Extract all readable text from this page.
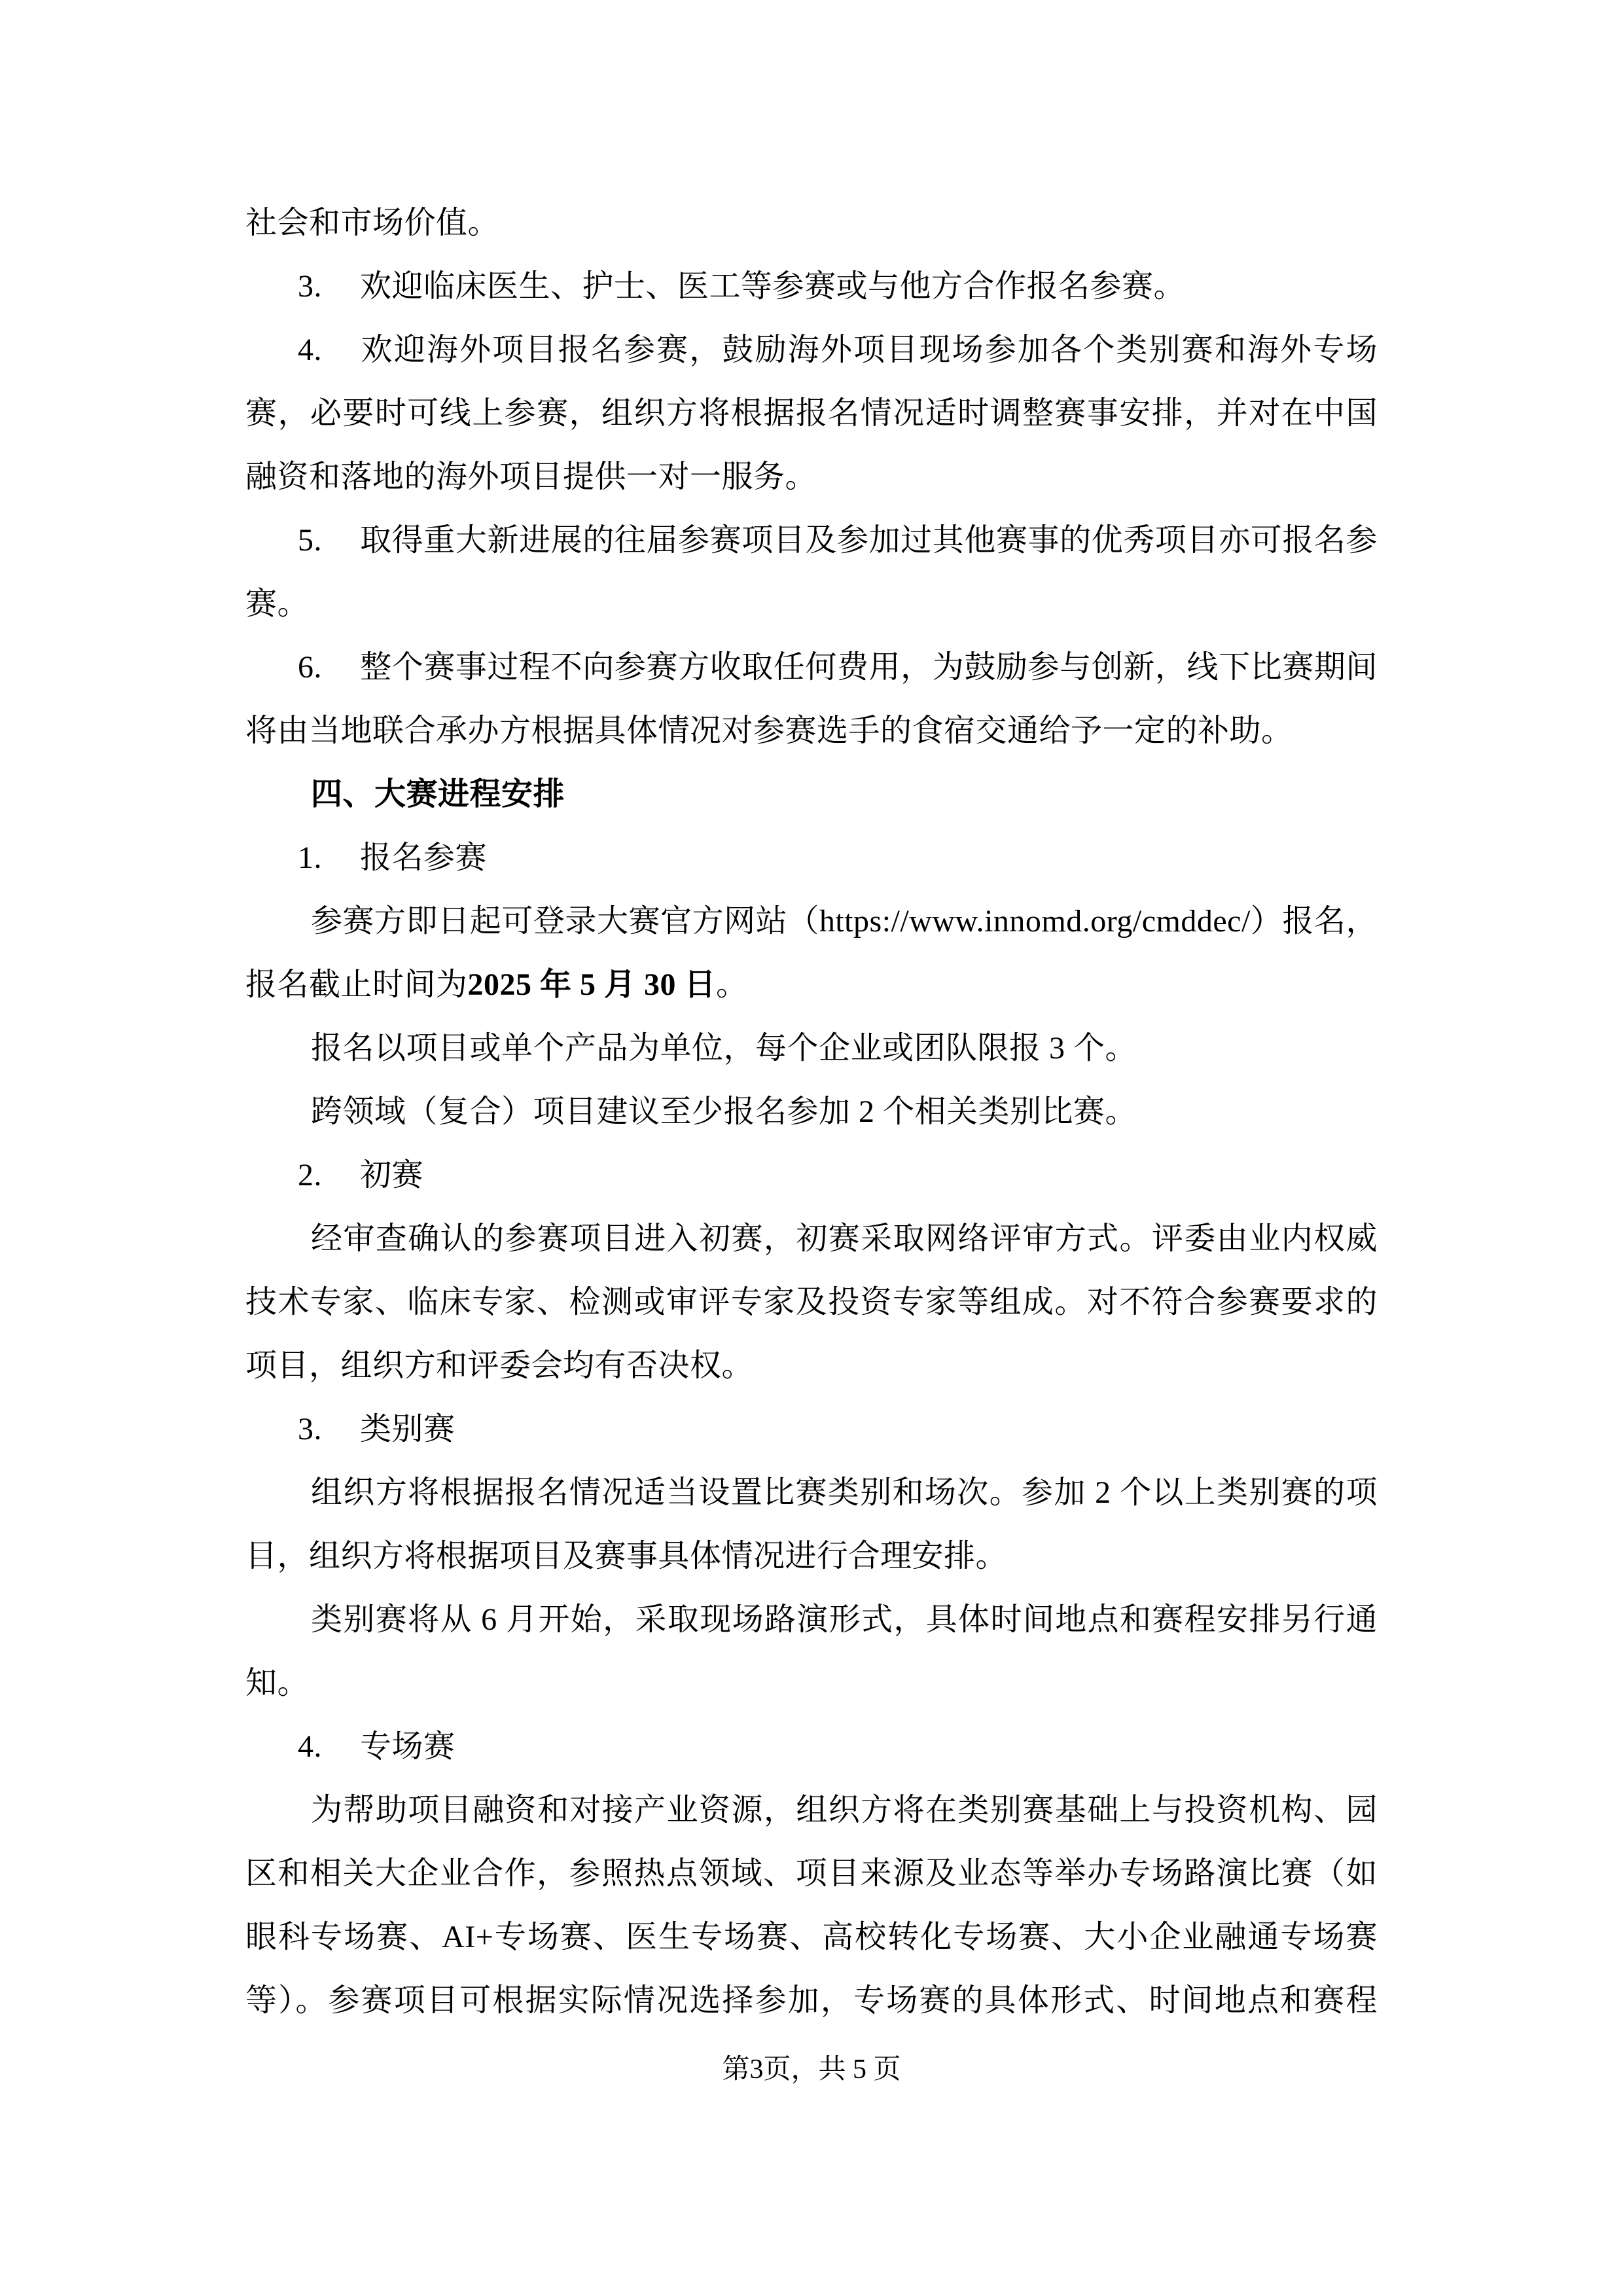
社会和市场价值。

3. 欢迎临床医生、护士、医工等参赛或与他方合作报名参赛。

4. 欢迎海外项目报名参赛，鼓励海外项目现场参加各个类别赛和海外专场赛，必要时可线上参赛，组织方将根据报名情况适时调整赛事安排，并对在中国融资和落地的海外项目提供一对一服务。

5. 取得重大新进展的往届参赛项目及参加过其他赛事的优秀项目亦可报名参赛。

6. 整个赛事过程不向参赛方收取任何费用，为鼓励参与创新，线下比赛期间将由当地联合承办方根据具体情况对参赛选手的食宿交通给予一定的补助。

四、大赛进程安排

1. 报名参赛

参赛方即日起可登录大赛官方网站（https://www.innomd.org/cmddec/）报名，报名截止时间为2025 年 5 月 30 日。

报名以项目或单个产品为单位，每个企业或团队限报 3 个。

跨领域（复合）项目建议至少报名参加 2 个相关类别比赛。

2. 初赛

经审查确认的参赛项目进入初赛，初赛采取网络评审方式。评委由业内权威技术专家、临床专家、检测或审评专家及投资专家等组成。对不符合参赛要求的项目，组织方和评委会均有否决权。

3. 类别赛

组织方将根据报名情况适当设置比赛类别和场次。参加 2 个以上类别赛的项目，组织方将根据项目及赛事具体情况进行合理安排。

类别赛将从 6 月开始，采取现场路演形式，具体时间地点和赛程安排另行通知。

4. 专场赛

为帮助项目融资和对接产业资源，组织方将在类别赛基础上与投资机构、园区和相关大企业合作，参照热点领域、项目来源及业态等举办专场路演比赛（如眼科专场赛、AI+专场赛、医生专场赛、高校转化专场赛、大小企业融通专场赛等）。参赛项目可根据实际情况选择参加，专场赛的具体形式、时间地点和赛程

第3页，共 5 页
